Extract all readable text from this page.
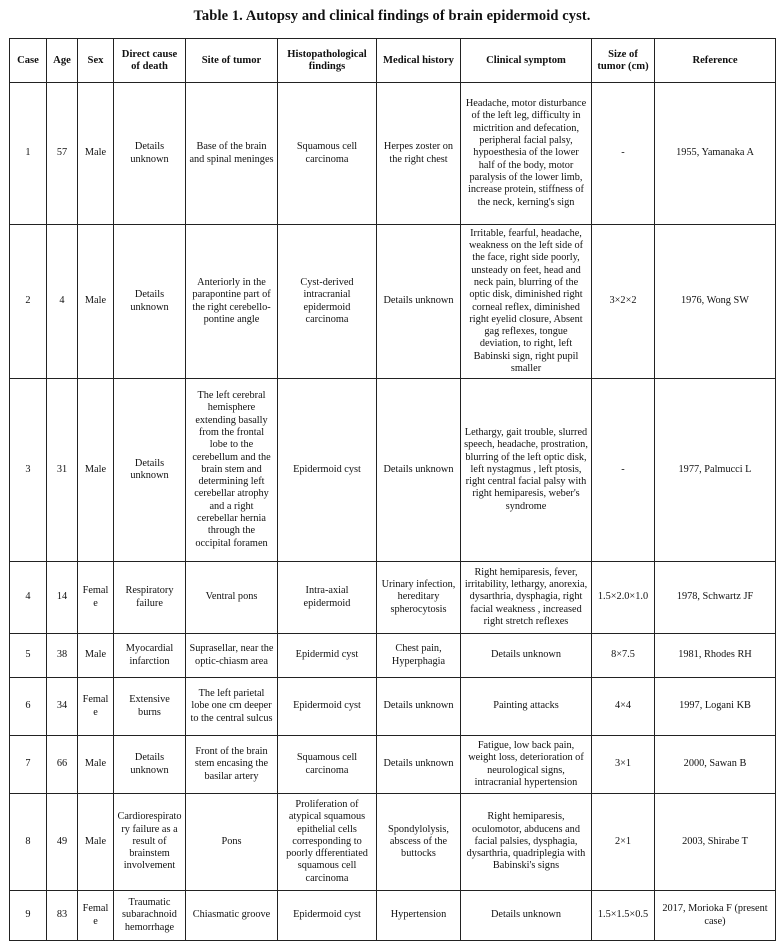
Table 1. Autopsy and clinical findings of brain epidermoid cyst.
Case	Age	Sex	Direct cause of death	Site of tumor	Histopathological findings	Medical history	Clinical symptom	Size of tumor (cm)	Reference
1	57	Male	Details unknown	Base of the brain and spinal meninges	Squamous cell carcinoma	Herpes zoster on the right chest	Headache, motor disturbance of the left leg, difficulty in mictrition and defecation, peripheral facial palsy, hypoesthesia of the lower half of the body, motor paralysis of the lower limb, increase protein, stiffness of the neck, kerning's sign	-	1955, Yamanaka A
2	4	Male	Details unknown	Anteriorly in the parapontine part of the right cerebello-pontine angle	Cyst-derived intracranial epidermoid carcinoma	Details unknown	Irritable, fearful, headache, weakness on the left side of the face, right side poorly, unsteady on feet, head and neck pain, blurring of the optic disk, diminished right corneal reflex, diminished right eyelid closure, Absent gag reflexes, tongue deviation, to right, left Babinski sign, right pupil smaller	3×2×2	1976, Wong SW
3	31	Male	Details unknown	The left cerebral hemisphere extending basally from the frontal lobe to the cerebellum and the brain stem and determining left cerebellar atrophy and a right cerebellar hernia through the occipital foramen	Epidermoid cyst	Details unknown	Lethargy, gait trouble, slurred speech, headache, prostration, blurring of the left optic disk, left nystagmus , left ptosis, right central facial palsy with right hemiparesis, weber's syndrome	-	1977, Palmucci L
4	14	Female	Respiratory failure	Ventral pons	Intra-axial epidermoid	Urinary infection, hereditary spherocytosis	Right hemiparesis, fever, irritability, lethargy, anorexia, dysarthria, dysphagia, right facial weakness , increased right stretch reflexes	1.5×2.0×1.0	1978, Schwartz JF
5	38	Male	Myocardial infarction	Suprasellar, near the optic-chiasm area	Epidermid cyst	Chest pain, Hyperphagia	Details unknown	8×7.5	1981, Rhodes RH
6	34	Female	Extensive burns	The left parietal lobe one cm deeper to the central sulcus	Epidermoid cyst	Details unknown	Painting attacks	4×4	1997, Logani KB
7	66	Male	Details unknown	Front of the brain stem encasing the basilar artery	Squamous cell carcinoma	Details unknown	Fatigue, low back pain, weight loss, deterioration of neurological signs, intracranial hypertension	3×1	2000, Sawan B
8	49	Male	Cardiorespiratory failure as a result of brainstem involvement	Pons	Proliferation of atypical squamous epithelial cells corresponding to poorly dfferentiated squamous cell carcinoma	Spondylolysis, abscess of the buttocks	Right hemiparesis, oculomotor, abducens and facial palsies, dysphagia, dysarthria, quadriplegia with Babinski's signs	2×1	2003, Shirabe T
9	83	Female	Traumatic subarachnoid hemorrhage	Chiasmatic groove	Epidermoid cyst	Hypertension	Details unknown	1.5×1.5×0.5	2017, Morioka F (present case)
